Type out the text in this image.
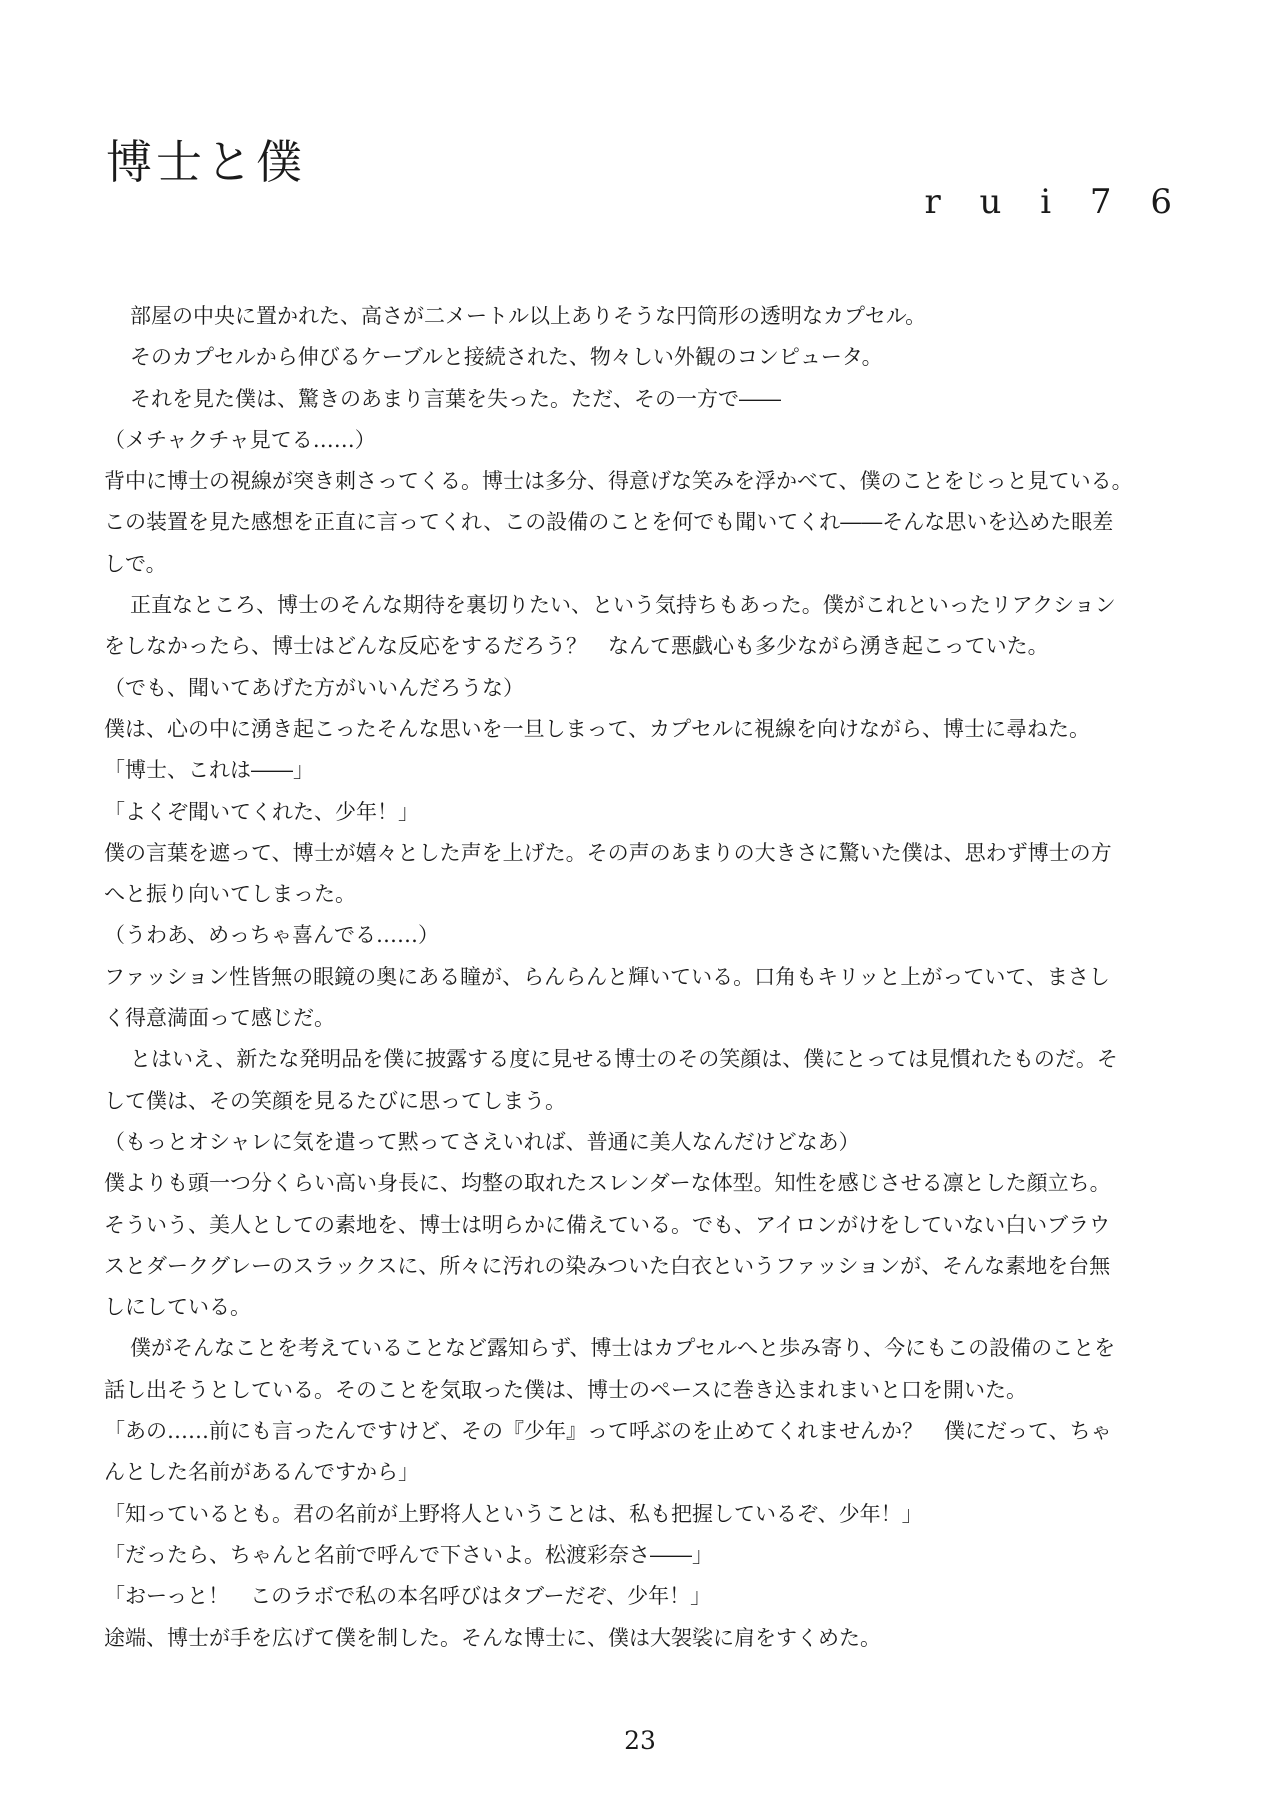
博士と僕
r u i 7 6
部屋の中央に置かれた、高さが二メートル以上ありそうな円筒形の透明なカプセル。
そのカプセルから伸びるケーブルと接続された、物々しい外観のコンピュータ。
それを見た僕は、驚きのあまり言葉を失った。ただ、その一方で――
（メチャクチャ見てる……）
背中に博士の視線が突き刺さってくる。博士は多分、得意げな笑みを浮かべて、僕のことをじっと見ている。
この装置を見た感想を正直に言ってくれ、この設備のことを何でも聞いてくれ――そんな思いを込めた眼差
しで。
正直なところ、博士のそんな期待を裏切りたい、という気持ちもあった。僕がこれといったリアクション
をしなかったら、博士はどんな反応をするだろう？　なんて悪戯心も多少ながら湧き起こっていた。
（でも、聞いてあげた方がいいんだろうな）
僕は、心の中に湧き起こったそんな思いを一旦しまって、カプセルに視線を向けながら、博士に尋ねた。
「博士、これは――」
「よくぞ聞いてくれた、少年！」
僕の言葉を遮って、博士が嬉々とした声を上げた。その声のあまりの大きさに驚いた僕は、思わず博士の方
へと振り向いてしまった。
（うわあ、めっちゃ喜んでる……）
ファッション性皆無の眼鏡の奥にある瞳が、らんらんと輝いている。口角もキリッと上がっていて、まさし
く得意満面って感じだ。
とはいえ、新たな発明品を僕に披露する度に見せる博士のその笑顔は、僕にとっては見慣れたものだ。そ
して僕は、その笑顔を見るたびに思ってしまう。
（もっとオシャレに気を遣って黙ってさえいれば、普通に美人なんだけどなあ）
僕よりも頭一つ分くらい高い身長に、均整の取れたスレンダーな体型。知性を感じさせる凛とした顔立ち。
そういう、美人としての素地を、博士は明らかに備えている。でも、アイロンがけをしていない白いブラウ
スとダークグレーのスラックスに、所々に汚れの染みついた白衣というファッションが、そんな素地を台無
しにしている。
僕がそんなことを考えていることなど露知らず、博士はカプセルへと歩み寄り、今にもこの設備のことを
話し出そうとしている。そのことを気取った僕は、博士のペースに巻き込まれまいと口を開いた。
「あの……前にも言ったんですけど、その『少年』って呼ぶのを止めてくれませんか？　僕にだって、ちゃ
んとした名前があるんですから」
「知っているとも。君の名前が上野将人ということは、私も把握しているぞ、少年！」
「だったら、ちゃんと名前で呼んで下さいよ。松渡彩奈さ――」
「おーっと！　このラボで私の本名呼びはタブーだぞ、少年！」
途端、博士が手を広げて僕を制した。そんな博士に、僕は大袈裟に肩をすくめた。
23
